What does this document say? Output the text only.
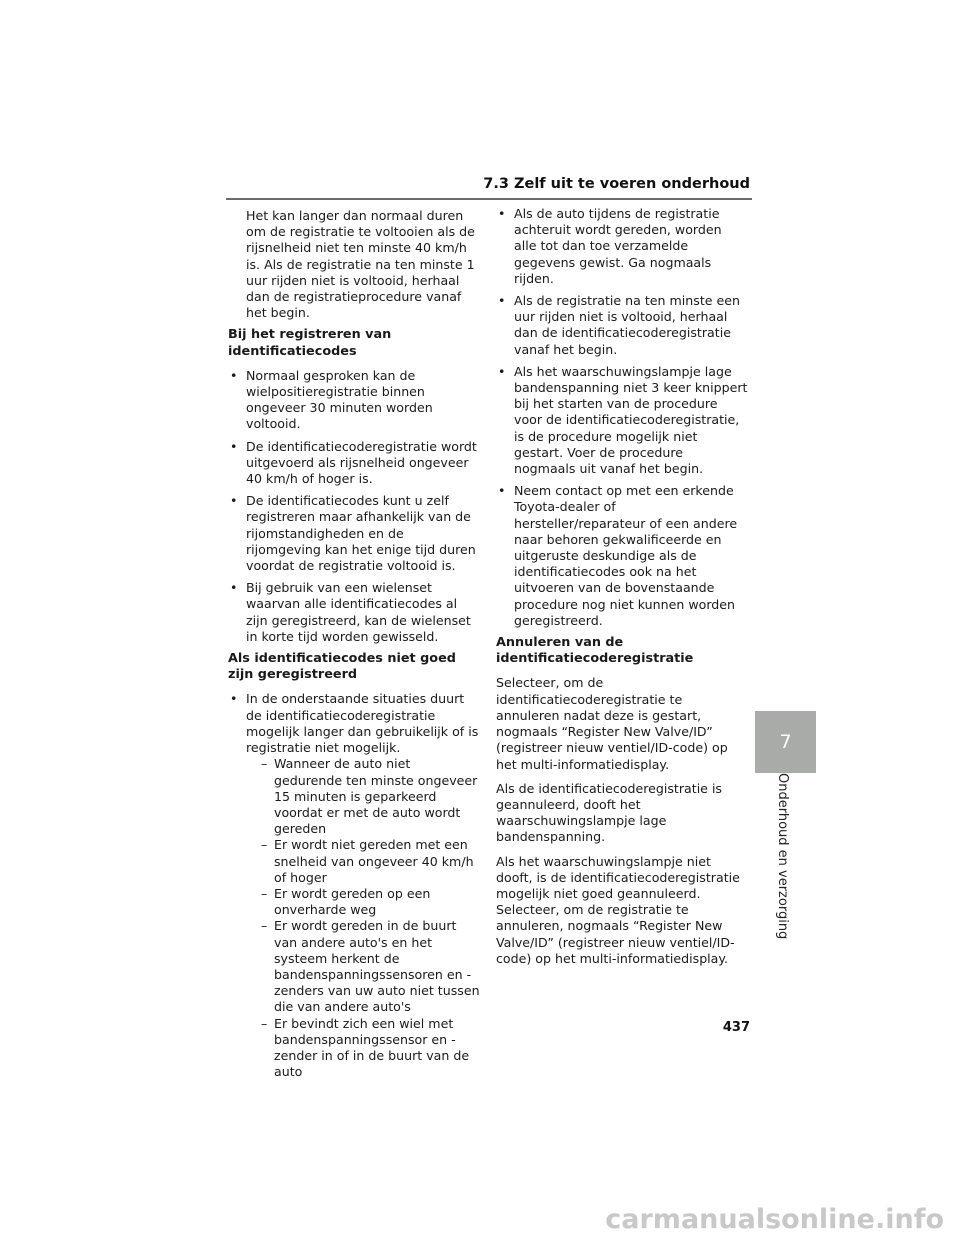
7.3 Zelf uit te voeren onderhoud

Het kan langer dan normaal duren om de registratie te voltooien als de rijsnelheid niet ten minste 40 km/h is. Als de registratie na ten minste 1 uur rijden niet is voltooid, herhaal dan de registratieprocedure vanaf het begin.

Bij het registreren van identificatiecodes
• Normaal gesproken kan de wielpositieregistratie binnen ongeveer 30 minuten worden voltooid.
• De identificatiecoderegistratie wordt uitgevoerd als rijsnelheid ongeveer 40 km/h of hoger is.
• De identificatiecodes kunt u zelf registreren maar afhankelijk van de rijomstandigheden en de rijomgeving kan het enige tijd duren voordat de registratie voltooid is.
• Bij gebruik van een wielenset waarvan alle identificatiecodes al zijn geregistreerd, kan de wielenset in korte tijd worden gewisseld.
Als identificatiecodes niet goed zijn geregistreerd
• In de onderstaande situaties duurt de identificatiecoderegistratie mogelijk langer dan gebruikelijk of is registratie niet mogelijk.
– Wanneer de auto niet gedurende ten minste ongeveer 15 minuten is geparkeerd voordat er met de auto wordt gereden
– Er wordt niet gereden met een snelheid van ongeveer 40 km/h of hoger
– Er wordt gereden op een onverharde weg
– Er wordt gereden in de buurt van andere auto's en het systeem herkent de bandenspanningssensoren en -zenders van uw auto niet tussen die van andere auto's
– Er bevindt zich een wiel met bandenspanningssensor en -zender in of in de buurt van de auto
• Als de auto tijdens de registratie achteruit wordt gereden, worden alle tot dan toe verzamelde gegevens gewist. Ga nogmaals rijden.
• Als de registratie na ten minste een uur rijden niet is voltooid, herhaal dan de identificatiecoderegistratie vanaf het begin.
• Als het waarschuwingslampje lage bandenspanning niet 3 keer knippert bij het starten van de procedure voor de identificatiecoderegistratie, is de procedure mogelijk niet gestart. Voer de procedure nogmaals uit vanaf het begin.
• Neem contact op met een erkende Toyota-dealer of hersteller/reparateur of een andere naar behoren gekwalificeerde en uitgeruste deskundige als de identificatiecodes ook na het uitvoeren van de bovenstaande procedure nog niet kunnen worden geregistreerd.
Annuleren van de identificatiecoderegistratie

Selecteer, om de identificatiecoderegistratie te annuleren nadat deze is gestart, nogmaals “Register New Valve/ID” (registreer nieuw ventiel/ID-code) op het multi-informatiedisplay.

Als de identificatiecoderegistratie is geannuleerd, dooft het waarschuwingslampje lage bandenspanning.

Als het waarschuwingslampje niet dooft, is de identificatiecoderegistratie mogelijk niet goed geannuleerd. Selecteer, om de registratie te annuleren, nogmaals “Register New Valve/ID” (registreer nieuw ventiel/ID-code) op het multi-informatiedisplay.

7
Onderhoud en verzorging
437
carmanualsonline.info
